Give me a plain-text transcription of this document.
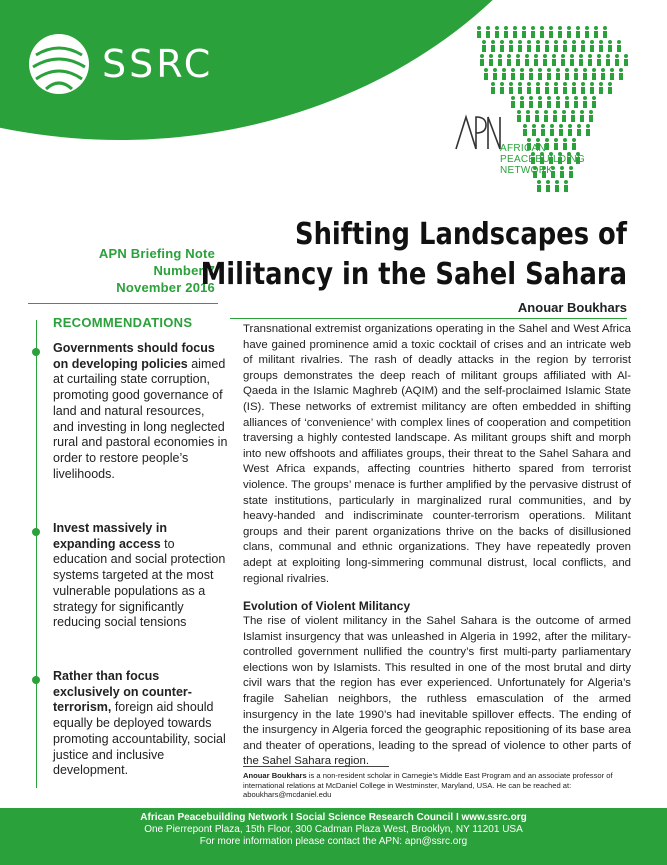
SSRC
AFRICAN
PEACEBUILDING
NETWORK
APN Briefing Note
Number 7
November 2016
Shifting Landscapes of
Militancy in the Sahel Sahara
Anouar Boukhars
RECOMMENDATIONS
Governments should focus on developing policies aimed at curtailing state corruption, promoting good governance of land and natural resources, and investing in long neglected rural and pastoral economies in order to restore people’s livelihoods.
Invest massively in expanding access to education and social protection systems targeted at the most vulnerable populations as a strategy for significantly reducing social tensions
Rather than focus exclusively on counter-terrorism, foreign aid should equally be deployed towards promoting accountability, social justice and inclusive development.
Transnational extremist organizations operating in the Sahel and West Africa have gained prominence amid a toxic cocktail of crises and an intricate web of militant rivalries. The rash of deadly attacks in the region by terrorist groups demonstrates the deep reach of militant groups affiliated with Al-Qaeda in the Islamic Maghreb (AQIM) and the self-proclaimed Islamic State (IS). These networks of extremist militancy are often embedded in shifting alliances of ‘convenience’ with complex lines of cooperation and competition traversing a highly contested landscape. As militant groups shift and morph into new offshoots and affiliates groups, their threat to the Sahel Sahara and West Africa expands, affecting countries hitherto spared from terrorist violence. The groups’ menace is further amplified by the pervasive distrust of state institutions, particularly in marginalized rural communities, and by heavy-handed and indiscriminate counter-terrorism operations. Militant groups and their parent organizations thrive on the backs of disillusioned clans, communal and ethnic organizations. They have repeatedly proven adept at exploiting long-simmering communal distrust, local conflicts, and regional rivalries.
Evolution of Violent Militancy
The rise of violent militancy in the Sahel Sahara is the outcome of armed Islamist insurgency that was unleashed in Algeria in 1992, after the military-controlled government nullified the country’s first multi-party parliamentary elections won by Islamists. This resulted in one of the most brutal and dirty civil wars that the region has ever experienced. Unfortunately for Algeria’s fragile Sahelian neighbors, the ruthless emasculation of the armed insurgency in the late 1990’s had inevitable spillover effects. The ending of the insurgency in Algeria forced the geographic repositioning of its base area and theater of operations, leading to the spread of violence to other parts of the Sahel Sahara region.
Anouar Boukhars is a non-resident scholar in Carnegie’s Middle East Program and an associate professor of international relations at McDaniel College in Westminster, Maryland, USA. He can be reached at: aboukhars@mcdaniel.edu
African Peacebuilding Network I Social Science Research Council I www.ssrc.org
One Pierrepont Plaza, 15th Floor, 300 Cadman Plaza West, Brooklyn, NY 11201 USA
For more information please contact the APN: apn@ssrc.org
